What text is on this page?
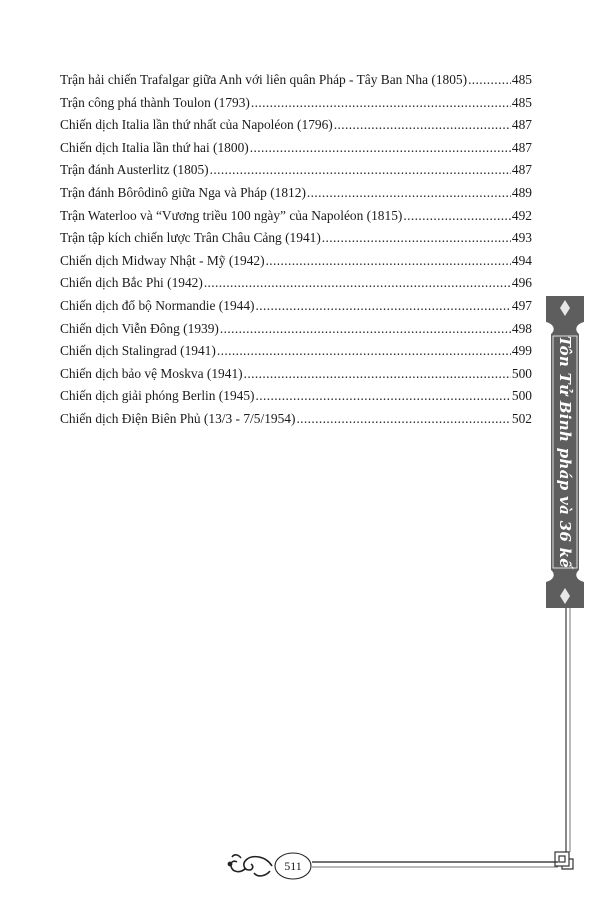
Trận hải chiến Trafalgar giữa Anh với liên quân Pháp - Tây Ban Nha (1805) .....	485
Trận công phá thành Toulon (1793) .....	485
Chiến dịch Italia lần thứ nhất của Napoléon (1796) .....	487
Chiến dịch Italia lần thứ hai (1800) .....	487
Trận đánh Austerlitz (1805) .....	487
Trận đánh Bôrôdinô giữa Nga và Pháp (1812) .....	489
Trận Waterloo và “Vương triều 100 ngày” của Napoléon (1815) .....	492
Trận tập kích chiến lược Trân Châu Cảng (1941) .....	493
Chiến dịch Midway Nhật - Mỹ (1942) .....	494
Chiến dịch Bắc Phi (1942) .....	496
Chiến dịch đổ bộ Normandie (1944) .....	497
Chiến dịch Viễn Đông (1939) .....	498
Chiến dịch Stalingrad (1941) .....	499
Chiến dịch bảo vệ Moskva (1941) .....	500
Chiến dịch giải phóng Berlin (1945) .....	500
Chiến dịch Điện Biên Phủ (13/3 - 7/5/1954) .....	502 Tôn Tử Binh pháp và 36 kế
511
